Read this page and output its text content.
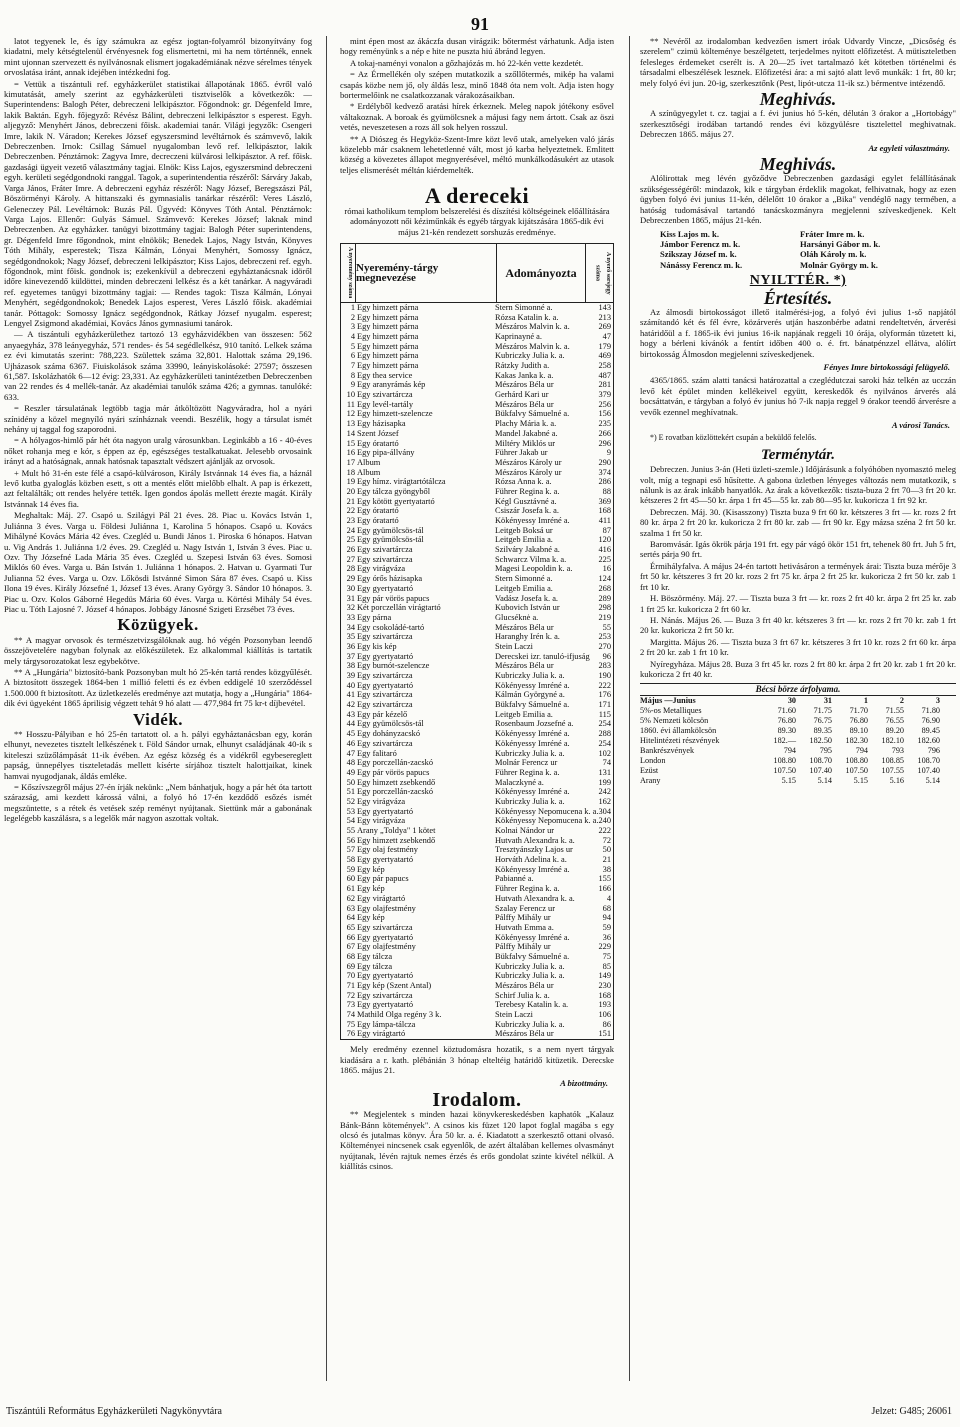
91

latot tegyenek le, és így számukra az egész jogtan-folyamról bizonyítvány fog kiadatni, mely kétségtelenül érvényesnek fog elismertetni, mi ha nem történnék, ennek mint ujonnan szervezett és nyilvánosnak elismert jogakadémiának nézve sérelmes tények orvoslatása iránt, annak idejében intézkedni fog.

= Vettük a tiszántuli ref. egyházkerület statistikai állapotának 1865. évről való kimutatását, amely szerint az egyházkerületi tisztviselők a következők: — Superintendens: Balogh Péter, debreczeni lelkipásztor. Főgondnok: gr. Dégenfeld Imre, lakik Baktán. Egyh. főjegyző: Révész Bálint, debreczeni lelkipásztor s esperest. Egyh. aljegyző: Menyhért János, debreczeni főisk. akademiai tanár. Világi jegyzők: Csengeri Imre, lakik N. Váradon; Kerekes József egyszersmind levéltárnok és számvevő, lakik Debreczenben. Irnok: Csillag Sámuel nyugalomban levő ref. lelkipásztor, lakik Debreczenben. Pénztárnok: Zagyva Imre, decreczeni külvárosi lelkipásztor. A ref. főisk. gazdasági ügyeit vezető választmány tagjai. Elnök: Kiss Lajos, egyszersmind debreczeni egyh. kerületi segédgondnoki ranggal. Tagok, a superintendentia részéről: Sárváry Jakab, Varga János, Fráter Imre. A debreczeni egyház részéről: Nagy József, Beregszászi Pál, Böszörményi Károly. A hittanszaki és gymnasialis tanárkar részéről: Veres László, Geleneczey Pál. Levéltárnok: Buzás Pál. Ügyvéd: Könyves Tóth Antal. Pénztárnok: Varga Lajos. Ellenőr: Gulyás Sámuel. Számvevő: Kerekes József; laknak mind Debreczenben. Az egyházker. tanügyi bizottmány tagjai: Balogh Péter superintendens, gr. Dégenfeld Imre főgondnok, mint elnökök; Benedek Lajos, Nagy István, Könyves Tóth Mihály, esperestek; Tisza Kálmán, Lónyai Menyhért, Somossy Ignácz, segédgondnokok; Nagy József, debreczeni lelkipásztor; Kiss Lajos, debreczeni ref. egyh. főgondnok, mint főisk. gondnok is; ezekenkívül a debreczeni egyháztanácsnak idöről időre kinevezendő küldöttei, minden debreczeni lelkész és a két tanárkar. A nagyváradi ref. egyetemes tanügyi bizottmány tagjai: — Rendes tagok: Tisza Kálmán, Lónyai Menyhért, segédgondnokok; Benedek Lajos esperest, Veres László főisk. akadémiai tanár. Póttagok: Somossy Ignácz segédgondnok, Rátkay József nyugalm. esperest; Lengyel Zsigmond akadémiai, Kovács János gymnasiumi tanárok.

— A tiszántuli egyházkerülethez tartozó 13 egyházvidékben van összesen: 562 anyaegyház, 378 leányegyház, 571 rendes- és 54 segédlelkész, 910 tanító. Lelkek száma ez évi kimutatás szerint: 788,223. Születtek száma 32,801. Halottak száma 29,196. Ujházasok száma 6367. Fiuiskolások száma 33990, leányiskolásoké: 27597; összesen 61,587. Iskolázhatók 6—12 évig: 23,331. Az egyházkerületi tanintézetben Debreczenben van 22 rendes és 4 mellék-tanár. Az akadémiai tanulók száma 426; a gymnas. tanulóké: 633.

= Reszler társulatának legtöbb tagja már átköltözött Nagyváradra, hol a nyári színidény a közel megnyíló nyári színháznak veendi. Beszélik, hogy a társulat ismét nehány uj taggal fog szaporodni.

= A hólyagos-himlő pár hét óta nagyon uralg városunkban. Leginkább a 16 - 40-éves nőket rohanja meg e kór, s éppen az ép, egészséges testalkatuakat. Jelesebb orvosaink irányt ad a hatóságnak, annak hatósnak tapasztalt védszert ajánlják az orvosok.

+ Mult hó 31-én este félé a csapó-külvároson, Király Istvánnak 14 éves fia, a háznál levő kutba gyaloglás közben esett, s ott a mentés előtt mielőbb elhalt. A pap is érkezett, azt feltalálták; ott rendes helyére tették. Igen gondos ápolás mellett érezte magát. Király Istvánnak 14 éves fia.

Meghaltak: Máj. 27. Csapó u. Szilágyi Pál 21 éves. 28. Piac u. Kovács István 1, Juliánna 3 éves. Varga u. Földesi Juliánna 1, Karolina 5 hónapos. Csapó u. Kovács Mihályné Kovács Mária 42 éves. Czegléd u. Bundi János 1. Piroska 6 hónapos. Hatvan u. Vig András 1. Juliánna 1/2 éves. 29. Czegléd u. Nagy István 1, István 3 éves. Piac u. Ozv. Thy Józsefné Lada Mária 35 éves. Czegléd u. Szepesi István 63 éves. Somosi Miklós 60 éves. Varga u. Bán István 1. Juliánna 1 hónapos. 2. Hatvan u. Gyarmati Tur Julianna 52 éves. Varga u. Ozv. Lőkösdi Istvánné Simon Sára 87 éves. Csapó u. Kiss Ilona 19 éves. Király Józsefné 1, József 13 éves. Arany György 3. Sándor 10 hónapos. 3. Piac u. Ozv. Kolos Gáborné Hegedüs Mária 60 éves. Varga u. Körtési Mihály 54 éves. Piac u. Tóth Lajosné 7. József 4 hónapos. Jobbágy Jánosné Szigeti Erzsébet 73 éves.

Közügyek.

** A magyar orvosok és természetvizsgálóknak aug. hó végén Pozsonyban leendő összejövetelére nagyban folynak az előkészületek. Ez alkalommal kiállítás is tartatik mely tárgysorozatokat lesz egybekötve.

** A „Hungária" biztosító-bank Pozsonyban mult hó 25-kén tartá rendes közgyűlését. A biztosított összegek 1864-ben 1 millió feletti és ez évben eddigelé 10 szerződéssel 1.500.000 ft biztosított. Az üzletkezelés eredménye azt mutatja, hogy a „Hungária" 1864-dik évi ügyeként 1865 áprilisig végzett tehát 9 hó alatt — 477,984 frt 75 kr-t díjbevétel.

Vidék.

** Hosszu-Pályiban e hó 25-én tartatott ol. a h. pályi egyháztanácsban egy, korán elhunyt, nevezetes tisztelt lelkészének t. Föld Sándor urnak, elhunyt családjának 40-ik s kiteleszi szüzőlámpását 11-ik évében. Az egész község és a vidékről egybesereglett papság, ünnepélyes tiszteletadás mellett kísérte sírjához tisztelt halottjaikat, kinek hamvai nyugodjanak, áldás emléke.

= Kőszívszegről május 27-én írják nekünk: „Nem bánhatjuk, hogy a pár hét óta tartott szárazság, ami kezdett károssá válni, a folyó hó 17-én kezdődő esőzés ismét megszüntette, s a rétek és vetések szép reményt nyújtanak. Siettünk már a gabonának legelégebb kaszálásra, s a legelők már nagyon aszottak voltak.

mint épen most az ákáczfa dusan virágzik: bőtermést várhatunk. Adja isten hogy reményünk s a nép e hite ne puszta hiú ábránd legyen.

A tokaj-naményi vonalon a gőzhajózás m. hó 22-kén vette kezdetét.

= Az Érmellékén oly szépen mutatkozik a szőllőtermés, mikép ha valami csapás közbe nem jő, oly áldás lesz, minő 1848 óta nem volt. Adja isten hogy bortermelőink ne csalatkozzanak várakozásaikban.

* Erdélyből kedvező aratási hírek érkeznek. Meleg napok jótékony esővel váltakoznak. A boroak és gyümölcsnek a májusi fagy nem ártott. Csak az öszi vetés, neveszetesen a rozs áll sok helyen rosszul.

** A Diószeg és Hegyköz-Szent-Imre közt levő utak, amelyeken való járás közelebb már csaknem lehetetlenné vált, most jó karba helyeztetnek. Emlitett község a kövezetes állapot megnyerésével, méltó munkálkodásukért az utasok teljes elismerését méltán kiérdemelték.

A dereceki

római katholikum templom belszerelési és díszítési költségeinek előállítására adományozott női kéziműnkák és egyéb tárgyak kijátszására 1865-dik évi május 21-kén rendezett sorshuzás eredménye.

A nyeremény száma Nyeremény-tárgy megnevezése	Adományozta	A nyerő sorsjegy száma
1 Egy himzett párna	Stern Simonné a.	143
2 Egy himzett párna	Rózsa Katalin k. a.	213
3 Egy himzett párna	Mészáros Malvin k. a.	269
4 Egy himzett párna	Kaprinayné a.	47
5 Egy himzett párna	Mészáros Malvin k. a.	179
6 Egy himzett párna	Kubriczky Julia k. a.	469
7 Egy himzett párna	Rátzky Judith a.	258
8 Egy thea service	Kakas Janka k. a.	487
9 Egy aranyrámás kép	Mészáros Béla ur	281
10 Egy szivartárcza	Gerhárd Kari ur	379
11 Egy levél-tartály	Mészáros Béla ur	256
12 Egy himzett-szelencze	Bükfalvy Sámuelné a.	156
13 Egy házisapka	Plachy Mária k. a.	235
14 Szent József	Mandel Jakabné a.	266
15 Egy óratartó	Miltéry Miklós ur	296
16 Egy pipa-állvány	Führer Jakab ur	9
17 Album	Mészáros Károly ur	290
18 Album	Mészáros Károly ur	374
19 Egy hímz. virágtartótálcza	Rózsa Anna k. a.	286
20 Egy tálcza gyöngyből	Führer Regina k. a.	88
21 Egy kötött gyertyatartó	Kégl Gusztávné a.	369
22 Egy óratartó	Csiszár Josefa k. a.	168
23 Egy óratartó	Kökényessy Imréné a.	411
24 Egy gyümölcsös-tál	Leitgeb Boksá ur	87
25 Egy gyümölcsös-tál	Leitgeb Emilia a.	120
26 Egy szivartárcza	Szilváry Jakabné a.	416
27 Egy szivartárcza	Schwarcz Vilma k. a.	225
28 Egy virágváza	Magesi Leopoldin k. a.	16
29 Egy órős házisapka	Stern Simonné a.	124
30 Egy gyertyatartó	Leitgeb Emilia a.	268
31 Egy pár vörös papucs	Vadász Josefa k. a.	289
32 Két porczellán virágtartó	Kubovich István ur	298
33 Egy párna	Glucséknė a.	219
34 Egy csokoládé-tartó	Mészáros Béla ur	55
35 Egy szivartárcza	Haranghy Irén k. a.	253
36 Egy kis kép	Stein Laczi	270
37 Egy gyertyatartó	Derecskei izr. tanuló-ifjuság	96
38 Egy burnót-szelencze	Mészáros Béla ur	283
39 Egy szivartárcza	Kubriczky Julia k. a.	190
40 Egy gyertyatartó	Kökényessy Imréné a.	222
41 Egy szivartárcza	Kálmán Györgyné a.	176
42 Egy szivartárcza	Bükfalvy Sámuelné a.	171
43 Egy pár kézelő	Leitgeb Emilia a.	115
44 Egy gyümölcsös-tál	Rosenbaum Jozsefné a.	254
45 Egy dohányzacskó	Kökényessy Imréné a.	288
46 Egy szivartárcza	Kökényessy Imréné a.	254
47 Egy falitaró	Kubriczky Julia k. a.	102
48 Egy porczellán-zacskó	Molnár Ferencz ur	74
49 Egy pár vörös papucs	Führer Regina k. a.	131
50 Egy himzett zsebkendő	Malaczkyné a.	199
51 Egy porczellán-zacskó	Kökényessy Imréné a.	242
52 Egy virágváza	Kubriczky Julia k. a.	162
53 Egy gyertyatartó	Kökényessy Nepomucena k. a. 304
54 Egy virágváza	Kökényessy Nepomucena k. a. 240
55 Arany „Toldya" 1 kötet	Kolnai Nándor ur	222
56 Egy himzett zsebkendő	Hutvath Alexandra k. a.	72
57 Egy olaj festmény	Tresztyánszky Lajos ur	50
58 Egy gyertyatartó	Horváth Adelina k. a.	21
59 Egy kép	Kökényessy Imréné a.	38
60 Egy pár papucs	Pabianné a.	155
61 Egy kép	Führer Regina k. a.	166
62 Egy virágtartó	Hutvath Alexandra k. a.	4
63 Egy olajfestmény	Szalay Ferencz ur	68
64 Egy kép	Pálffy Mihály ur	94
65 Egy szivartárcza	Hutvath Emma a.	59
66 Egy gyertyatartó	Kökényessy Imréné a.	36
67 Egy olajfestmény	Pálffy Mihály ur	229
68 Egy tálcza	Bükfalvy Sámuelné a.	75
69 Egy tálcza	Kubriczky Julia k. a.	85
70 Egy gyertyatartó	Kubriczky Julia k. a.	149
71 Egy kép (Szent Antal)	Mészáros Béla ur	230
72 Egy szivartárcza	Schirf Julia k. a.	168
73 Egy gyertyatartó	Terebesy Katalin k. a.	193
74 Mathild Olga regény 3 k.	Stein Laczi	106
75 Egy lámpa-tálcza	Kubriczky Julia k. a.	86
76 Egy virágtartó	Mészáros Béla ur	151

Mely eredmény ezennel köztudomásra hozatik, s a nem nyert tárgyak kiadására a r. kath. plébánián 3 hónap elteltéig határidő kitüzetik. Derecske 1865. május 21.

A bizottmány.
Irodalom.

** Megjelentek s minden hazai könyvkereskedésben kaphatók „Kalauz Bánk-Bánn kötemények". A csinos kis füzet 120 lapot foglal magába s egy olcsó és jutalmas könyv. Ára 50 kr. a. é. Kiadatott a szerkesztő ottani olvasó. Költeményei nincsenek csak egyenlők, de azért általában kellemes olvasmányt nyújtanak, lévén rajtuk nemes érzés és erős gondolat szinte kivétel nélkül. A kiállítás csinos.

** Nevéről az irodalomban kedvezően ismert iróak Udvardy Vincze, „Dicsőség és szerelem" czimü költeménye beszélgetett, terjedelmes nyitott előfizetést. A mütiszteletben felesleges érdemeket cserélt is. A 20—25 ívet tartalmazó két kötetben történelmi és társadalmi elbeszélések lesznek. Előfizetési ára: a mi sajtó alatt levő munkák: 1 frt, 80 kr; mely folyó évi jun. 20-ig, szerkesztőnk (Pest, lipót-utcza 11-ik sz.) bérmentve intézendő.

Meghivás.

A színügyegylet t. cz. tagjai a f. évi junius hó 5-kén, délután 3 órakor a „Hortobágy" szerkesztőségi irodában tartandó rendes évi közgyülésre tisztelettel meghivatnak. Debreczen 1865. május 27.

Az egyleti választmány.
Meghivás.

Alólirottak meg lévén győződve Debreczenben gazdasági egylet felállításának szükségességéről: mindazok, kik e tárgyban érdeklik magokat, felhivatnak, hogy az ezen ügyben folyó évi junius 11-kén, délelőtt 10 órakor a „Bika" vendéglő nagy termében, a hatóság tudomásával tartandó tanácskozmányra megjelenni szíveskedjenek. Kelt Debreczenben 1865, május 21-kén.

Kiss Lajos m. k.	Fráter Imre m. k.
Jámbor Ferencz m. k.	Harsányi Gábor m. k.
Szikszay József m. k.	Oláh Károly m. k.
Nánássy Ferencz m. k.	Molnár György m. k.
NYILTTÉR. *)
Értesítés.

Az álmosdi birtokosságot illető italmérési-jog, a folyó évi julius 1-ső napjától számítandó két és fél évre, közárverés utján haszonbérbe adatni rendeltetvén, árverési határidőül a f. 1865-ik évi junius 16-ik napjának reggeli 10 órája, olyformán tüzetett ki, hogy a bérleni kívánók a fentírt időben 400 o. é. frt. bánatpénzzel ellátva, alólírt birtokosság Álmosdon megjelenni szíveskedjenek.

Fényes Imre birtokossági felügyelő.

4365/1865. szám alatti tanácsi határozattal a czeglédutczai saroki ház telkén az ucczán levő két épület minden kellékeivel együtt, kereskedők és nyilvános árverés alá bocsáttatván, e tárgyban a folyó év junius hó 7-ik napja reggel 9 órakor teendő árverésre a vevők ezennel meghívatnak.

A városi Tanács.

*) E rovatban közlöttekért csupán a beküldő felelős.

Terménytár.

Debreczen. Junius 3-án (Heti üzleti-szemle.) Időjárásunk a folyóhóben nyomasztó meleg volt, míg a tegnapi eső hűsítette. A gabona üzletben lényeges változás nem mutatkozik, s nálunk is az árak inkább hanyatlók. Az árak a következők: tiszta-buza 2 frt 70—3 frt 20 kr. kétszeres 2 frt 45—50 kr. árpa 1 frt 45—55 kr. zab 80—95 kr. kukoricza 1 frt 92 kr.

Debreczen. Máj. 30. (Kisasszony) Tiszta buza 9 frt 60 kr. kétszeres 3 frt — kr. rozs 2 frt 80 kr. árpa 2 frt 20 kr. kukoricza 2 frt 80 kr. zab — frt 90 kr. Egy mázsa széna 2 frt 50 kr. szalma 1 frt 50 kr.

Baromvásár. Igás ökrök párja 191 frt. egy pár vágó ökör 151 frt, tehenek 80 frt. Juh 5 frt, sertés párja 90 frt.

Érmihályfalva. A május 24-én tartott hetivásáron a termények árai: Tiszta buza mérője 3 frt 50 kr. kétszeres 3 frt 20 kr. rozs 2 frt 75 kr. árpa 2 frt 25 kr. kukoricza 2 frt 50 kr. zab 1 frt 10 kr.

H. Böszörmény. Máj. 27. — Tiszta buza 3 frt — kr. rozs 2 frt 40 kr. árpa 2 frt 25 kr. zab 1 frt 25 kr. kukoricza 2 frt 60 kr.

H. Nánás. Május 26. — Buza 3 frt 40 kr. kétszeres 3 frt — kr. rozs 2 frt 70 kr. zab 1 frt 20 kr. kukoricza 2 frt 50 kr.

Margitta. Május 26. — Tiszta buza 3 frt 67 kr. kétszeres 3 frt 10 kr. rozs 2 frt 60 kr. árpa 2 frt 20 kr. zab 1 frt 10 kr.

Nyíregyháza. Május 28. Buza 3 frt 45 kr. rozs 2 frt 80 kr. árpa 2 frt 20 kr. zab 1 frt 20 kr. kukoricza 2 frt 40 kr.

Bécsi börze árfolyama.
Május —Junius	30	31	1	2	3
5%-os Metalliques	71.60	71.75	71.70	71.55	71.80
5% Nemzeti kölcsön	76.80	76.75	76.80	76.55	76.90
1860. évi államkölcsön	89.30	89.35	89.10	89.20	89.45
Hitelintézeti részvények	182.—	182.50	182.30	182.10	182.60
Bankrészvények	794	795	794	793	796
London	108.80	108.70	108.80	108.85	108.70
Ezüst	107.50	107.40	107.50	107.55	107.40
Arany	5.15	5.14	5.15	5.16	5.14
Tiszántúli Református Egyházkerületi Nagykönyvtára	Jelzet: G485; 26061
